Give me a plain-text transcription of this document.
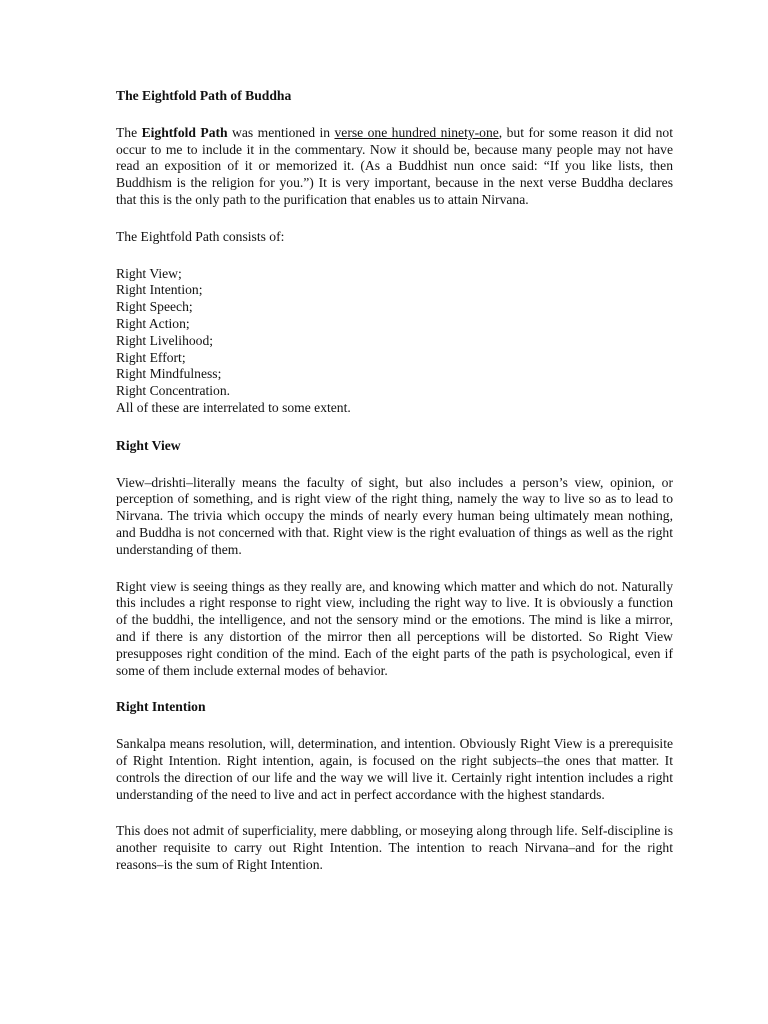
The Eightfold Path of Buddha

The Eightfold Path was mentioned in verse one hundred ninety-one, but for some reason it did not occur to me to include it in the commentary. Now it should be, because many people may not have read an exposition of it or memorized it. (As a Buddhist nun once said: “If you like lists, then Buddhism is the religion for you.”) It is very important, because in the next verse Buddha declares that this is the only path to the purification that enables us to attain Nirvana.

The Eightfold Path consists of:

Right View;
Right Intention;
Right Speech;
Right Action;
Right Livelihood;
Right Effort;
Right Mindfulness;
Right Concentration.
All of these are interrelated to some extent.
Right View

View–drishti–literally means the faculty of sight, but also includes a person’s view, opinion, or perception of something, and is right view of the right thing, namely the way to live so as to lead to Nirvana. The trivia which occupy the minds of nearly every human being ultimately mean nothing, and Buddha is not concerned with that. Right view is the right evaluation of things as well as the right understanding of them.

Right view is seeing things as they really are, and knowing which matter and which do not. Naturally this includes a right response to right view, including the right way to live. It is obviously a function of the buddhi, the intelligence, and not the sensory mind or the emotions. The mind is like a mirror, and if there is any distortion of the mirror then all perceptions will be distorted. So Right View presupposes right condition of the mind. Each of the eight parts of the path is psychological, even if some of them include external modes of behavior.

Right Intention

Sankalpa means resolution, will, determination, and intention. Obviously Right View is a prerequisite of Right Intention. Right intention, again, is focused on the right subjects–the ones that matter. It controls the direction of our life and the way we will live it. Certainly right intention includes a right understanding of the need to live and act in perfect accordance with the highest standards.

This does not admit of superficiality, mere dabbling, or moseying along through life. Self-discipline is another requisite to carry out Right Intention. The intention to reach Nirvana–and for the right reasons–is the sum of Right Intention.
